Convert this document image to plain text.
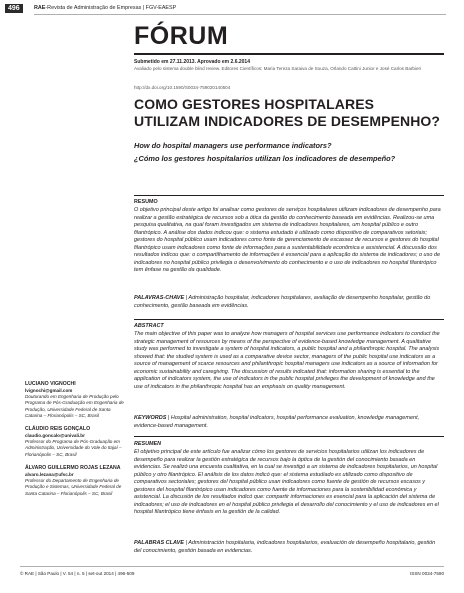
496	RAE-Revista de Administração de Empresas | FGV-EAESP
FÓRUM
Submetido em 27.11.2013. Aprovado em 2.6.2014
Avaliado pelo sistema double blind review. Editores Científicos: Maria Tereza Saraiva de Souza, Orlando Cattini Junior e José Carlos Barbieri
http://dx.doi.org/10.1590/S0034-759020140504
COMO GESTORES HOSPITALARES UTILIZAM INDICADORES DE DESEMPENHO?
How do hospital managers use performance indicators?
¿Cómo los gestores hospitalarios utilizan los indicadores de desempeño?
RESUMO
O objetivo principal deste artigo foi analisar como gestores de serviços hospitalares utilizam indicadores de desempenho para realizar a gestão estratégica de recursos sob a ótica da gestão do conhecimento baseada em evidências. Realizou-se uma pesquisa qualitativa, na qual foram investigados um sistema de indicadores hospitalares, um hospital público e outro filantrópico. A análise dos dados indicou que: o sistema estudado é utilizado como dispositivo de comparativos setoriais; gestores do hospital público usam indicadores como fonte de gerenciamento de escassez de recursos e gestores do hospital filantrópico usam indicadores como fonte de informações para a sustentabilidade econômica e assistencial. A discussão dos resultados indicou que: o compartilhamento de informações é essencial para a aplicação do sistema de indicadores; o uso de indicadores no hospital público privilegia o desenvolvimento do conhecimento e o uso de indicadores no hospital filantrópico tem ênfase na gestão da qualidade.
PALAVRAS-CHAVE | Administração hospitalar, indicadores hospitalares, avaliação de desempenho hospitalar, gestão do conhecimento, gestão baseada em evidências.
ABSTRACT
The main objective of this paper was to analyze how managers of hospital services use performance indicators to conduct the strategic management of resources by means of the perspective of evidence-based knowledge management. A qualitative study was performed to investigate a system of hospital indicators, a public hospital and a philanthropic hospital. The analysis showed that: the studied system is used as a comparative device sector, managers of the public hospital use indicators as a source of management of scarce resources and philanthropic hospital managers use indicators as a source of information for economic sustainability and caregiving. The discussion of results indicated that: information sharing is essential to the application of indicators system, the use of indicators in the public hospital privileges the development of knowledge and the use of indicators in the philanthropic hospital has an emphasis on quality management.
KEYWORDS | Hospital administration, hospital indicators, hospital performance evaluation, knowledge management, evidence-based management.
RESUMEN
El objetivo principal de este artículo fue analizar cómo los gestores de servicios hospitalarios utilizan los indicadores de desempeño para realizar la gestión estratégica de recursos bajo la óptica de la gestión del conocimiento basada en evidencias. Se realizó una encuesta cualitativa, en la cual se investigó a un sistema de indicadores hospitalarios, un hospital público y otro filantrópico. El análisis de los datos indicó que: el sistema estudiado es utilizado como dispositivo de comparativos sectoriales; gestores del hospital público usan indicadores como fuente de gestión de recursos escasos y gestores del hospital filantrópico usan indicadores como fuente de informaciones para la sostenibilidad económica y asistencial. La discusión de los resultados indicó que: compartir informaciones es esencial para la aplicación del sistema de indicadores; el uso de indicadores en el hospital público privilegia el desarrollo del conocimiento y el uso de indicadores en el hospital filantrópico tiene énfasis en la gestión de la calidad.
PALABRAS CLAVE | Administración hospitalaria, indicadores hospitalarios, evaluación de desempeño hospitalario, gestión del conocimiento, gestión basada en evidencias.
LUCIANO VIGNOCHI
lvignochi@gmail.com
Doutorando em Engenharia de Produção pelo Programa de Pós-Graduação em Engenharia de Produção, Universidade Federal de Santa Catarina – Florianópolis – SC, Brasil
CLÁUDIO REIS GONÇALO
claudio.goncalo@univali.br
Professor do Programa de Pós-Graduação em Administração, Universidade do Vale do Itajaí – Florianópolis – SC, Brasil
ÁLVARO GUILLERMO ROJAS LEZANA
alvaro.lezana@ufsc.br
Professor do Departamento de Engenharia de Produção e Sistemas, Universidade Federal de Santa Catarina – Florianópolis – SC, Brasil
© RAE | São Paulo | V. 54 | n. 5 | set-out 2014 | 496-509	ISSN 0034-7590
